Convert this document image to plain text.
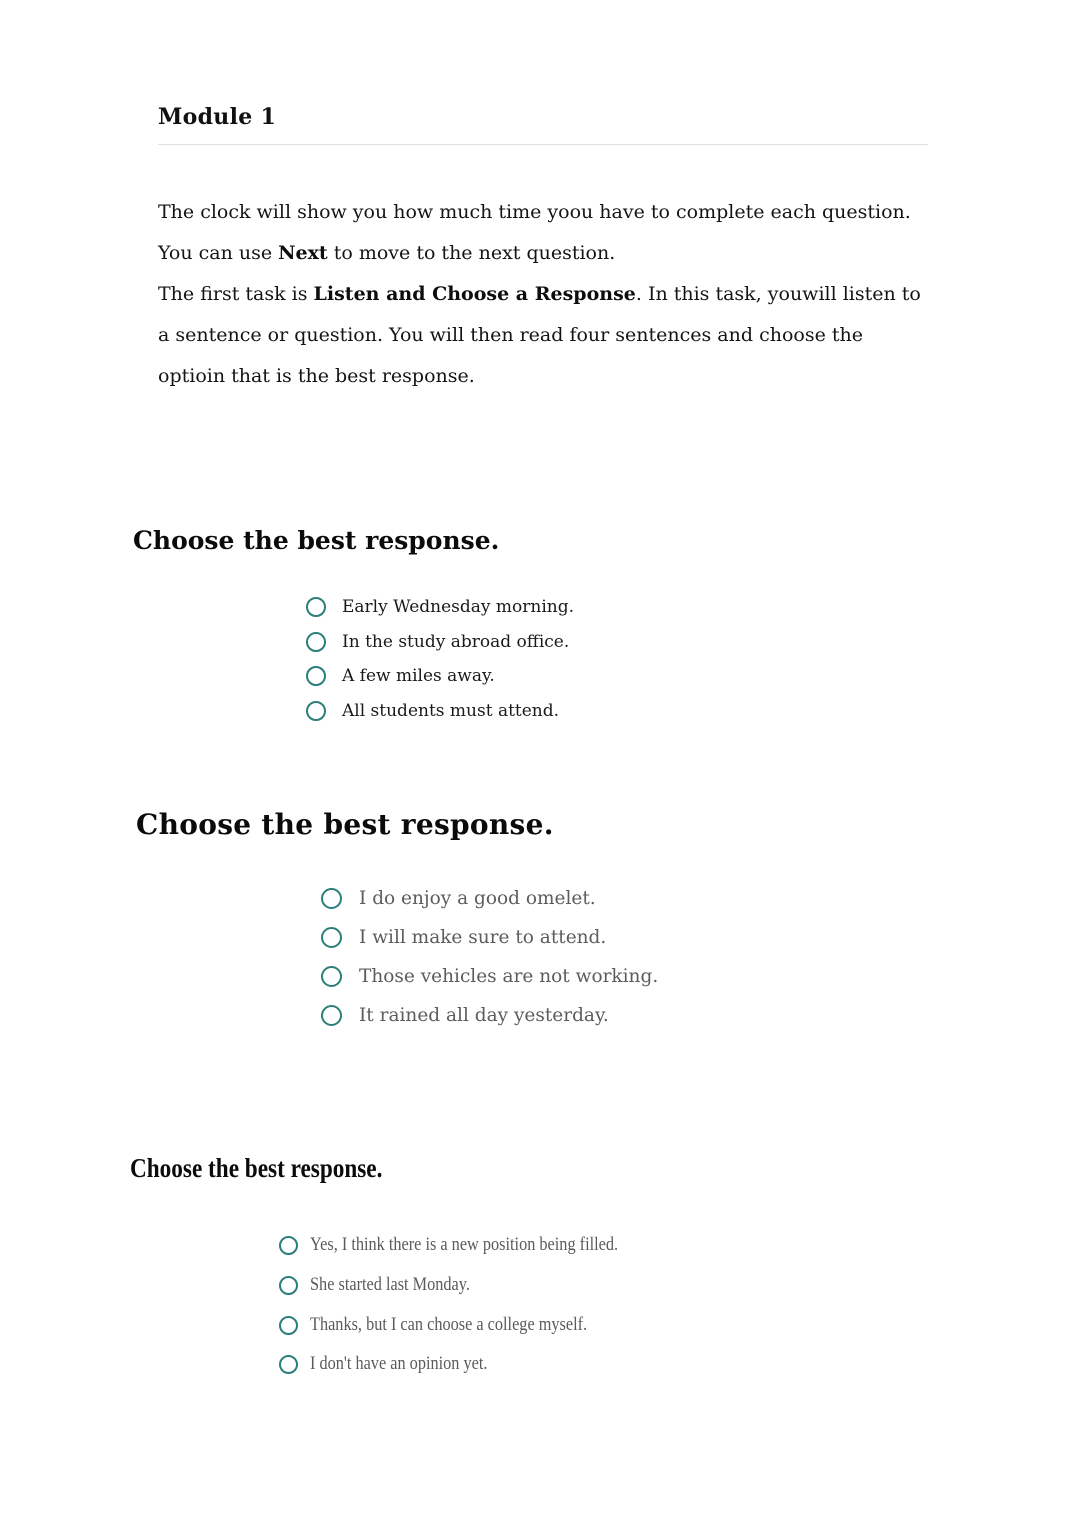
Module 1

The clock will show you how much time yoou have to complete each question.

You can use Next to move to the next question.

The first task is Listen and Choose a Response. In this task, youwill listen to a sentence or question. You will then read four sentences and choose the optioin that is the best response.

Choose the best response.
Early Wednesday morning.
In the study abroad office.
A few miles away.
All students must attend.
Choose the best response.
I do enjoy a good omelet.
I will make sure to attend.
Those vehicles are not working.
It rained all day yesterday.
Choose the best response.
Yes, I think there is a new position being filled.
She started last Monday.
Thanks, but I can choose a college myself.
I don't have an opinion yet.
